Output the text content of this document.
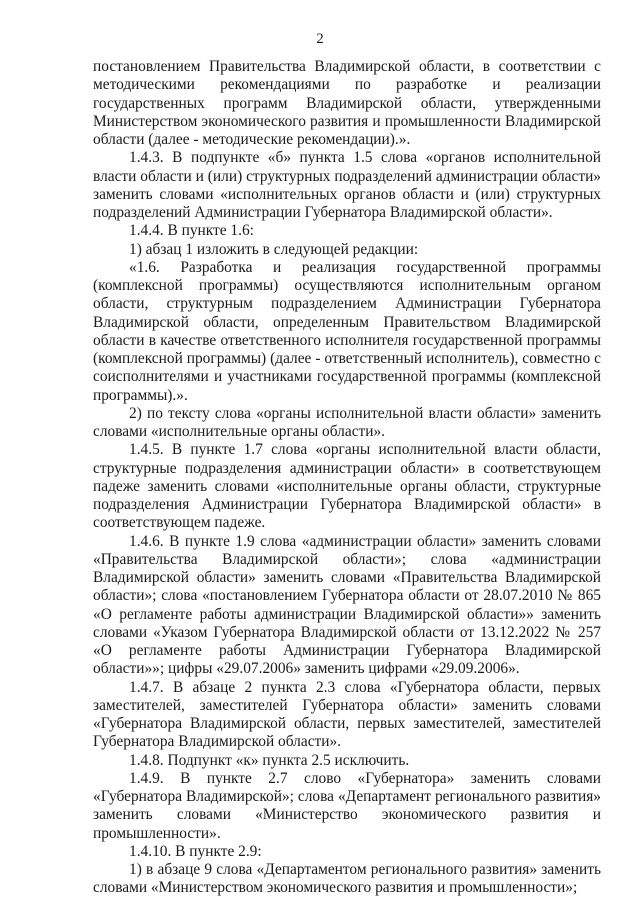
2

постановлением Правительства Владимирской области, в соответствии с методическими рекомендациями по разработке и реализации государственных программ Владимирской области, утвержденными Министерством экономического развития и промышленности Владимирской области (далее - методические рекомендации).».

1.4.3. В подпункте «б» пункта 1.5 слова «органов исполнительной власти области и (или) структурных подразделений администрации области» заменить словами «исполнительных органов области и (или) структурных подразделений Администрации Губернатора Владимирской области».

1.4.4. В пункте 1.6:

1) абзац 1 изложить в следующей редакции:

«1.6. Разработка и реализация государственной программы (комплексной программы) осуществляются исполнительным органом области, структурным подразделением Администрации Губернатора Владимирской области, определенным Правительством Владимирской области в качестве ответственного исполнителя государственной программы (комплексной программы) (далее - ответственный исполнитель), совместно с соисполнителями и участниками государственной программы (комплексной программы).».

2) по тексту слова «органы исполнительной власти области» заменить словами «исполнительные органы области».

1.4.5. В пункте 1.7 слова «органы исполнительной власти области, структурные подразделения администрации области» в соответствующем падеже заменить словами «исполнительные органы области, структурные подразделения Администрации Губернатора Владимирской области» в соответствующем падеже.

1.4.6. В пункте 1.9 слова «администрации области» заменить словами «Правительства Владимирской области»; слова «администрации Владимирской области» заменить словами «Правительства Владимирской области»; слова «постановлением Губернатора области от 28.07.2010 № 865 «О регламенте работы администрации Владимирской области»» заменить словами «Указом Губернатора Владимирской области от 13.12.2022 № 257 «О регламенте работы Администрации Губернатора Владимирской области»»; цифры «29.07.2006» заменить цифрами «29.09.2006».

1.4.7. В абзаце 2 пункта 2.3 слова «Губернатора области, первых заместителей, заместителей Губернатора области» заменить словами «Губернатора Владимирской области, первых заместителей, заместителей Губернатора Владимирской области».

1.4.8. Подпункт «к» пункта 2.5 исключить.

1.4.9. В пункте 2.7 слово «Губернатора» заменить словами «Губернатора Владимирской»; слова «Департамент регионального развития» заменить словами «Министерство экономического развития и промышленности».

1.4.10. В пункте 2.9:

1) в абзаце 9 слова «Департаментом регионального развития» заменить словами «Министерством экономического развития и промышленности»;
